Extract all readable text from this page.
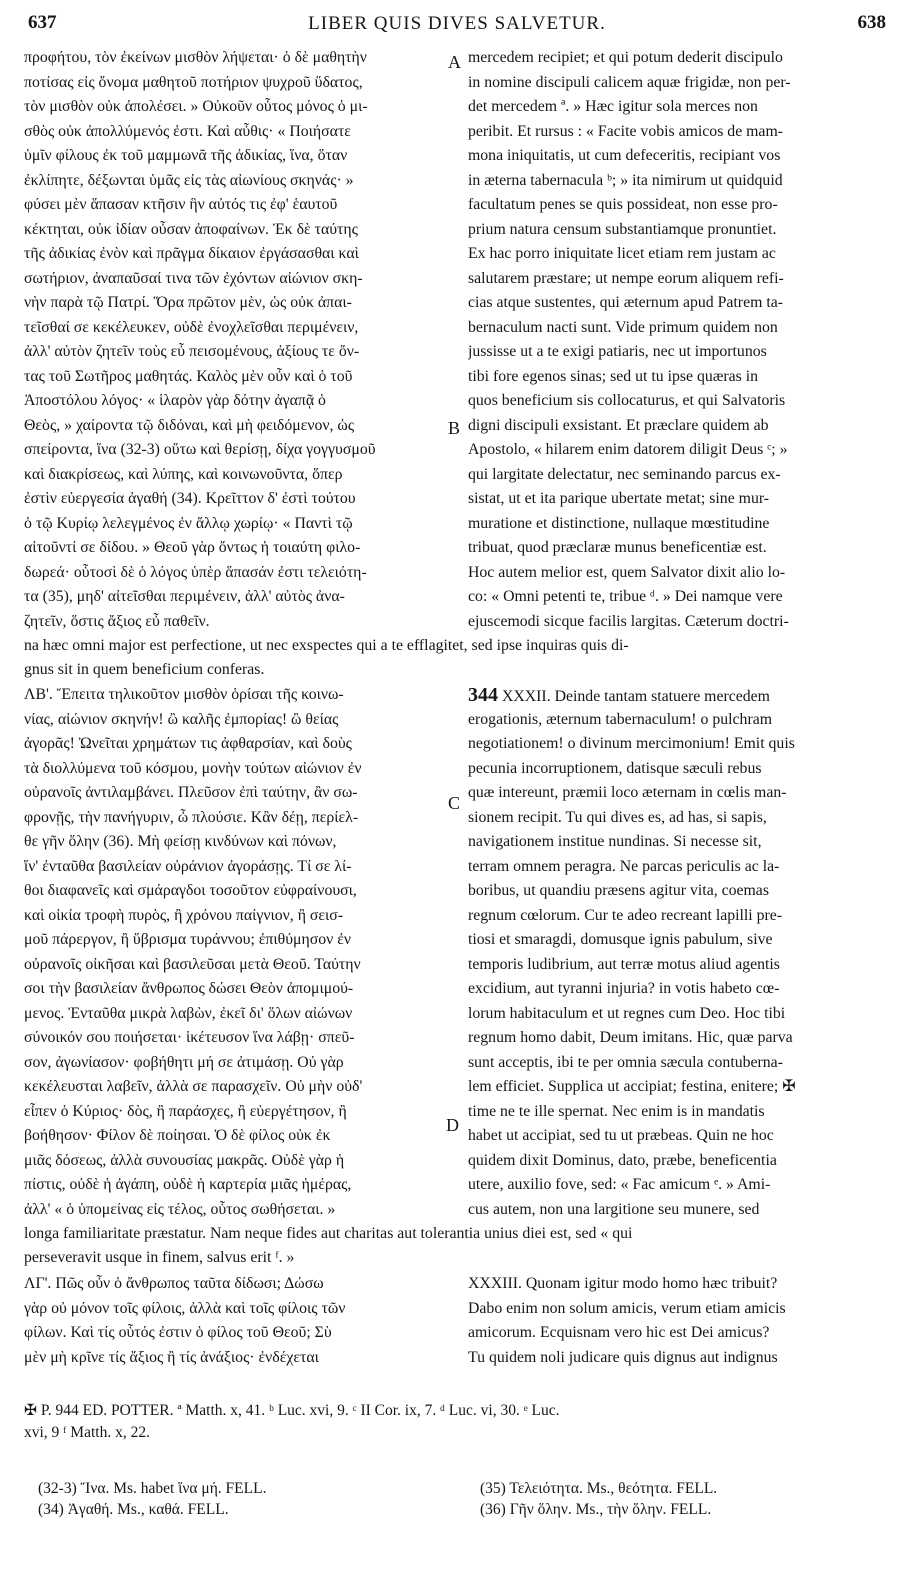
637	LIBER QUIS DIVES SALVETUR.	638
A
B
C
D
προφήτου, τὸν ἐκείνων μισθὸν λήψεται· ὁ δὲ μαθητὴν
ποτίσας εἰς ὄνομα μαθητοῦ ποτήριον ψυχροῦ ὕδατος,
τὸν μισθὸν οὐκ ἀπολέσει. » Οὐκοῦν οὗτος μόνος ὁ μι-
σθὸς οὐκ ἀπολλύμενός ἐστι. Καὶ αὖθις· « Ποιήσατε
ὑμῖν φίλους ἐκ τοῦ μαμμωνᾶ τῆς ἀδικίας, ἵνα, ὅταν
ἐκλίπητε, δέξωνται ὑμᾶς εἰς τὰς αἰωνίους σκηνάς· »
φύσει μὲν ἅπασαν κτῆσιν ἣν αὐτός τις ἐφ' ἑαυτοῦ
κέκτηται, οὐκ ἰδίαν οὖσαν ἀποφαίνων. Ἐκ δὲ ταύτης
τῆς ἀδικίας ἐνὸν καὶ πρᾶγμα δίκαιον ἐργάσασθαι καὶ
σωτήριον, ἀναπαῦσαί τινα τῶν ἐχόντων αἰώνιον σκη-
νὴν παρὰ τῷ Πατρί. Ὅρα πρῶτον μὲν, ὡς οὐκ ἀπαι-
τεῖσθαί σε κεκέλευκεν, οὐδὲ ἐνοχλεῖσθαι περιμένειν,
ἀλλ' αὐτὸν ζητεῖν τοὺς εὖ πεισομένους, ἀξίους τε ὄν-
τας τοῦ Σωτῆρος μαθητάς. Καλὸς μὲν οὖν καὶ ὁ τοῦ
Ἀποστόλου λόγος· « ἱλαρὸν γὰρ δότην ἀγαπᾷ ὁ
Θεὸς, » χαίροντα τῷ διδόναι, καὶ μὴ φειδόμενον, ὡς
σπείροντα, ἵνα (32-3) οὕτω καὶ θερίσῃ, δίχα γογγυσμοῦ
καὶ διακρίσεως, καὶ λύπης, καὶ κοινωνοῦντα, ὅπερ
ἐστὶν εὐεργεσία ἀγαθή (34). Κρεῖττον δ' ἐστὶ τούτου
ὁ τῷ Κυρίῳ λελεγμένος ἐν ἄλλῳ χωρίῳ· « Παντὶ τῷ
αἰτοῦντί σε δίδου. » Θεοῦ γὰρ ὄντως ἡ τοιαύτη φιλο-
δωρεά· οὗτοσὶ δὲ ὁ λόγος ὑπὲρ ἅπασάν ἐστι τελειότη-
τα (35), μηδ' αἰτεῖσθαι περιμένειν, ἀλλ' αὐτὸς ἀνα-
ζητεῖν, ὅστις ἄξιος εὖ παθεῖν.
mercedem recipiet; et qui potum dederit discipulo
in nomine discipuli calicem aquæ frigidæ, non per-
det mercedem ª. » Hæc igitur sola merces non
peribit. Et rursus : « Facite vobis amicos de mam-
mona iniquitatis, ut cum defeceritis, recipiant vos
in æterna tabernacula ᵇ; » ita nimirum ut quidquid
facultatum penes se quis possideat, non esse pro-
prium natura censum substantiamque pronuntiet.
Ex hac porro iniquitate licet etiam rem justam ac
salutarem præstare; ut nempe eorum aliquem refi-
cias atque sustentes, qui æternum apud Patrem ta-
bernaculum nacti sunt. Vide primum quidem non
jussisse ut a te exigi patiaris, nec ut importunos
tibi fore egenos sinas; sed ut tu ipse quæras in
quos beneficium sis collocaturus, et qui Salvatoris
digni discipuli exsistant. Et præclare quidem ab
Apostolo, « hilarem enim datorem diligit Deus ᶜ; »
qui largitate delectatur, nec seminando parcus ex-
sistat, ut et ita parique ubertate metat; sine mur-
muratione et distinctione, nullaque mœstitudine
tribuat, quod præclaræ munus beneficentiæ est.
Hoc autem melior est, quem Salvator dixit alio lo-
co: « Omni petenti te, tribue ᵈ. » Dei namque vere
ejuscemodi sicque facilis largitas. Cæterum doctri-
na hæc omni major est perfectione, ut nec exspectes qui a te efflagitet, sed ipse inquiras quis di-
gnus sit in quem beneficium conferas.
ΛΒ'. Ἔπειτα τηλικοῦτον μισθὸν ὁρίσαι τῆς κοινω-
νίας, αἰώνιον σκηνήν! ὢ καλῆς ἐμπορίας! ὢ θείας
ἀγορᾶς! Ὠνεῖται χρημάτων τις ἀφθαρσίαν, καὶ δοὺς
τὰ διολλύμενα τοῦ κόσμου, μονὴν τούτων αἰώνιον ἐν
οὐρανοῖς ἀντιλαμβάνει. Πλεῦσον ἐπὶ ταύτην, ἂν σω-
φρονῇς, τὴν πανήγυριν, ὦ πλούσιε. Κἂν δέῃ, περίελ-
θε γῆν ὅλην (36). Μὴ φείσῃ κινδύνων καὶ πόνων,
ἵν' ἐνταῦθα βασιλείαν οὐράνιον ἀγοράσῃς. Τί σε λί-
θοι διαφανεῖς καὶ σμάραγδοι τοσοῦτον εὐφραίνουσι,
καὶ οἰκία τροφὴ πυρὸς, ἢ χρόνου παίγνιον, ἢ σεισ-
μοῦ πάρεργον, ἢ ὕβρισμα τυράννου; ἐπιθύμησον ἐν
οὐρανοῖς οἰκῆσαι καὶ βασιλεῦσαι μετὰ Θεοῦ. Ταύτην
σοι τὴν βασιλείαν ἄνθρωπος δώσει Θεὸν ἀπομιμού-
μενος. Ἐνταῦθα μικρὰ λαβὼν, ἐκεῖ δι' ὅλων αἰώνων
σύνοικόν σου ποιήσεται· ἱκέτευσον ἵνα λάβῃ· σπεῦ-
σον, ἀγωνίασον· φοβήθητι μή σε ἀτιμάσῃ. Οὐ γὰρ
κεκέλευσται λαβεῖν, ἀλλὰ σε παρασχεῖν. Οὐ μὴν οὐδ'
εἶπεν ὁ Κύριος· δὸς, ἢ παράσχες, ἢ εὐεργέτησον, ἢ
βοήθησον· Φίλον δὲ ποίησαι. Ὁ δὲ φίλος οὐκ ἐκ
μιᾶς δόσεως, ἀλλὰ συνουσίας μακρᾶς. Οὐδὲ γὰρ ἡ
πίστις, οὐδὲ ἡ ἀγάπη, οὐδὲ ἡ καρτερία μιᾶς ἡμέρας,
ἀλλ' « ὁ ὑπομείνας εἰς τέλος, οὗτος σωθήσεται. »
344 XXXII. Deinde tantam statuere mercedem
erogationis, æternum tabernaculum! o pulchram
negotiationem! o divinum mercimonium! Emit quis
pecunia incorruptionem, datisque sæculi rebus
quæ intereunt, præmii loco æternam in cœlis man-
sionem recipit. Tu qui dives es, ad has, si sapis,
navigationem institue nundinas. Si necesse sit,
terram omnem peragra. Ne parcas periculis ac la-
boribus, ut quandiu præsens agitur vita, coemas
regnum cœlorum. Cur te adeo recreant lapilli pre-
tiosi et smaragdi, domusque ignis pabulum, sive
temporis ludibrium, aut terræ motus aliud agentis
excidium, aut tyranni injuria? in votis habeto cœ-
lorum habitaculum et ut regnes cum Deo. Hoc tibi
regnum homo dabit, Deum imitans. Hic, quæ parva
sunt acceptis, ibi te per omnia sæcula contuberna-
lem efficiet. Supplica ut accipiat; festina, enitere; ✠
time ne te ille spernat. Nec enim is in mandatis
habet ut accipiat, sed tu ut præbeas. Quin ne hoc
quidem dixit Dominus, dato, præbe, beneficentia
utere, auxilio fove, sed: « Fac amicum ᵉ. » Ami-
cus autem, non una largitione seu munere, sed
longa familiaritate præstatur. Nam neque fides aut charitas aut tolerantia unius diei est, sed « qui
perseveravit usque in finem, salvus erit ᶠ. »
ΛΓ'. Πῶς οὖν ὁ ἄνθρωπος ταῦτα δίδωσι; Δώσω
γὰρ οὐ μόνον τοῖς φίλοις, ἀλλὰ καὶ τοῖς φίλοις τῶν
φίλων. Καὶ τίς οὗτός ἐστιν ὁ φίλος τοῦ Θεοῦ; Σὺ
μὲν μὴ κρῖνε τίς ἄξιος ἢ τίς ἀνάξιος· ἐνδέχεται
XXXIII. Quonam igitur modo homo hæc tribuit?
Dabo enim non solum amicis, verum etiam amicis
amicorum. Ecquisnam vero hic est Dei amicus?
Tu quidem noli judicare quis dignus aut indignus
✠ P. 944 ED. POTTER. ª Matth. x, 41. ᵇ Luc. xvi, 9. ᶜ II Cor. ix, 7. ᵈ Luc. vi, 30. ᵉ Luc.
xvi, 9 ᶠ Matth. x, 22.
(32-3) Ἵνα. Ms. habet ἵνα μή. FELL.
(34) Ἀγαθή. Ms., καθά. FELL.
(35) Τελειότητα. Ms., θεότητα. FELL.
(36) Γῆν ὅλην. Ms., τὴν ὅλην. FELL.
